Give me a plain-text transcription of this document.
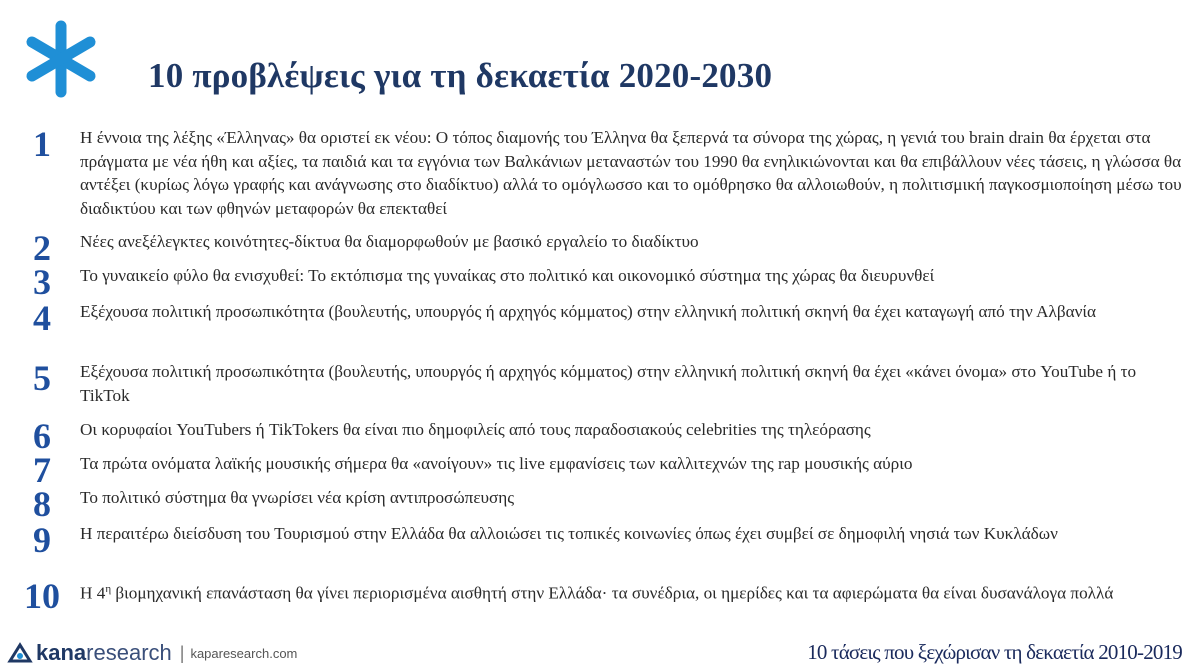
10 προβλέψεις για τη δεκαετία 2020-2030
1	Η έννοια της λέξης «Έλληνας» θα οριστεί εκ νέου: Ο τόπος διαμονής του Έλληνα θα ξεπερνά τα σύνορα της χώρας, η γενιά του brain drain θα έρχεται στα πράγματα με νέα ήθη και αξίες, τα παιδιά και τα εγγόνια των Βαλκάνιων μεταναστών του 1990 θα ενηλικιώνονται και θα επιβάλλουν νέες τάσεις, η γλώσσα θα αντέξει (κυρίως λόγω γραφής και ανάγνωσης στο διαδίκτυο) αλλά το ομόγλωσσο και το ομόθρησκο θα αλλοιωθούν, η πολιτισμική παγκοσμιοποίηση μέσω του διαδικτύου και των φθηνών μεταφορών θα επεκταθεί
2	Νέες ανεξέλεγκτες κοινότητες-δίκτυα θα διαμορφωθούν με βασικό εργαλείο το διαδίκτυο
3	Το γυναικείο φύλο θα ενισχυθεί: Το εκτόπισμα της γυναίκας στο πολιτικό και οικονομικό σύστημα της χώρας θα διευρυνθεί
4	Εξέχουσα πολιτική προσωπικότητα (βουλευτής, υπουργός ή αρχηγός κόμματος) στην ελληνική πολιτική σκηνή θα έχει καταγωγή από την Αλβανία
5	Εξέχουσα πολιτική προσωπικότητα (βουλευτής, υπουργός ή αρχηγός κόμματος) στην ελληνική πολιτική σκηνή θα έχει «κάνει όνομα» στο YouTube ή το TikTok
6	Οι κορυφαίοι YouTubers ή TikTokers θα είναι πιο δημοφιλείς από τους παραδοσιακούς celebrities της τηλεόρασης
7	Τα πρώτα ονόματα λαϊκής μουσικής σήμερα θα «ανοίγουν» τις live εμφανίσεις των καλλιτεχνών της rap μουσικής αύριο
8	Το πολιτικό σύστημα θα γνωρίσει νέα κρίση αντιπροσώπευσης
9	Η περαιτέρω διείσδυση του Τουρισμού στην Ελλάδα θα αλλοιώσει τις τοπικές κοινωνίες όπως έχει συμβεί σε δημοφιλή νησιά των Κυκλάδων
10	Η $4^\eta$ βιομηχανική επανάσταση θα γίνει περιορισμένα αισθητή στην Ελλάδα· τα συνέδρια, οι ημερίδες και τα αφιερώματα θα είναι δυσανάλογα πολλά
kanaresearch | kaparesearch.com	10 τάσεις που ξεχώρισαν τη δεκαετία 2010-2019
